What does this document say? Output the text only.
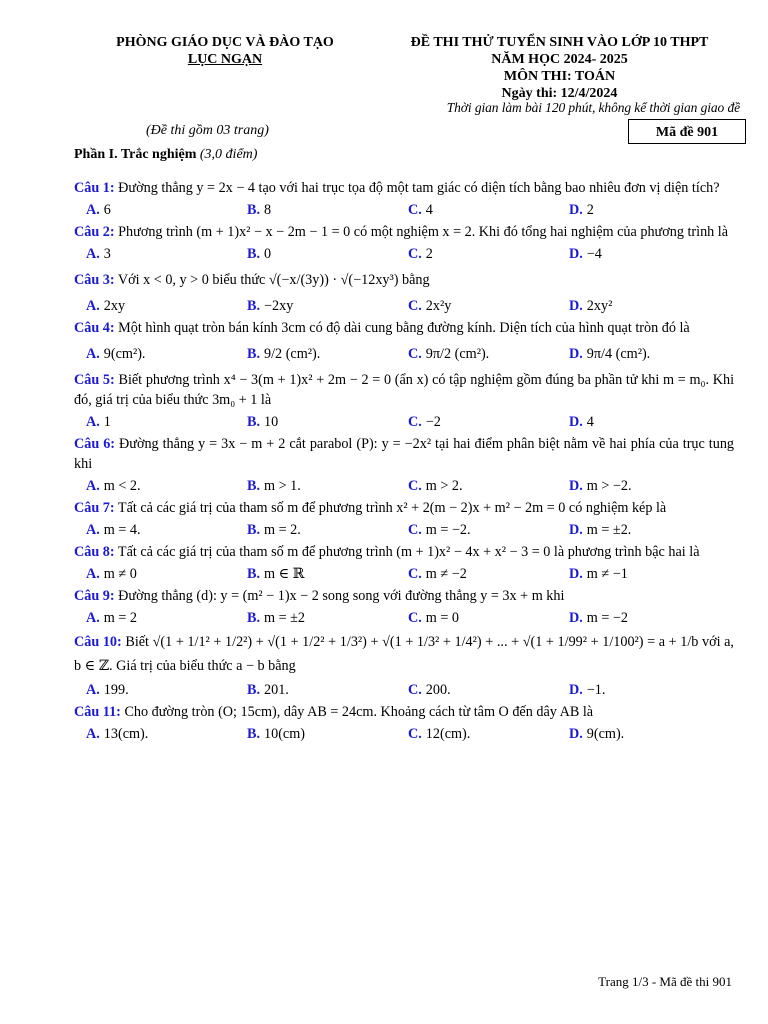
PHÒNG GIÁO DỤC VÀ ĐÀO TẠO
LỤC NGẠN
ĐỀ THI THỬ TUYỂN SINH VÀO LỚP 10 THPT
NĂM HỌC 2024- 2025
MÔN THI: TOÁN
Ngày thi: 12/4/2024
Thời gian làm bài 120 phút, không kể thời gian giao đề
(Đề thi gồm 03 trang)	Mã đề 901
Phần I. Trắc nghiệm (3,0 điểm)
Câu 1: Đường thẳng y = 2x − 4 tạo với hai trục tọa độ một tam giác có diện tích bằng bao nhiêu đơn vị diện tích?
A. 6	B. 8	C. 4	D. 2
Câu 2: Phương trình (m + 1)x² − x − 2m − 1 = 0 có một nghiệm x = 2. Khi đó tổng hai nghiệm của phương trình là
A. 3	B. 0	C. 2	D. −4
Câu 3: Với x < 0, y > 0 biểu thức √(−x/(3y)) · √(−12xy³) bằng
A. 2xy	B. −2xy	C. 2x²y	D. 2xy²
Câu 4: Một hình quạt tròn bán kính 3cm có độ dài cung bằng đường kính. Diện tích của hình quạt tròn đó là
A. 9(cm²).	B. 9/2 (cm²).	C. 9π/2 (cm²).	D. 9π/4 (cm²).
Câu 5: Biết phương trình x⁴ − 3(m + 1)x² + 2m − 2 = 0 (ẩn x) có tập nghiệm gồm đúng ba phần tử khi m = m₀. Khi đó, giá trị của biểu thức 3m₀ + 1 là
A. 1	B. 10	C. −2	D. 4
Câu 6: Đường thẳng y = 3x − m + 2 cắt parabol (P): y = −2x² tại hai điểm phân biệt nằm về hai phía của trục tung khi
A. m < 2.	B. m > 1.	C. m > 2.	D. m > −2.
Câu 7: Tất cả các giá trị của tham số m để phương trình x² + 2(m − 2)x + m² − 2m = 0 có nghiệm kép là
A. m = 4.	B. m = 2.	C. m = −2.	D. m = ±2.
Câu 8: Tất cả các giá trị của tham số m để phương trình (m + 1)x² − 4x + x² − 3 = 0 là phương trình bậc hai là
A. m ≠ 0	B. m ∈ ℝ	C. m ≠ −2	D. m ≠ −1
Câu 9: Đường thẳng (d): y = (m² − 1)x − 2 song song với đường thẳng y = 3x + m khi
A. m = 2	B. m = ±2	C. m = 0	D. m = −2
Câu 10: Biết √(1 + 1/1² + 1/2²) + √(1 + 1/2² + 1/3²) + √(1 + 1/3² + 1/4²) + ... + √(1 + 1/99² + 1/100²) = a + 1/b với a, b ∈ ℤ. Giá trị của biểu thức a − b bằng
A. 199.	B. 201.	C. 200.	D. −1.
Câu 11: Cho đường tròn (O; 15cm), dây AB = 24cm. Khoảng cách từ tâm O đến dây AB là
A. 13(cm).	B. 10(cm)	C. 12(cm).	D. 9(cm).
Trang 1/3 - Mã đề thi 901
